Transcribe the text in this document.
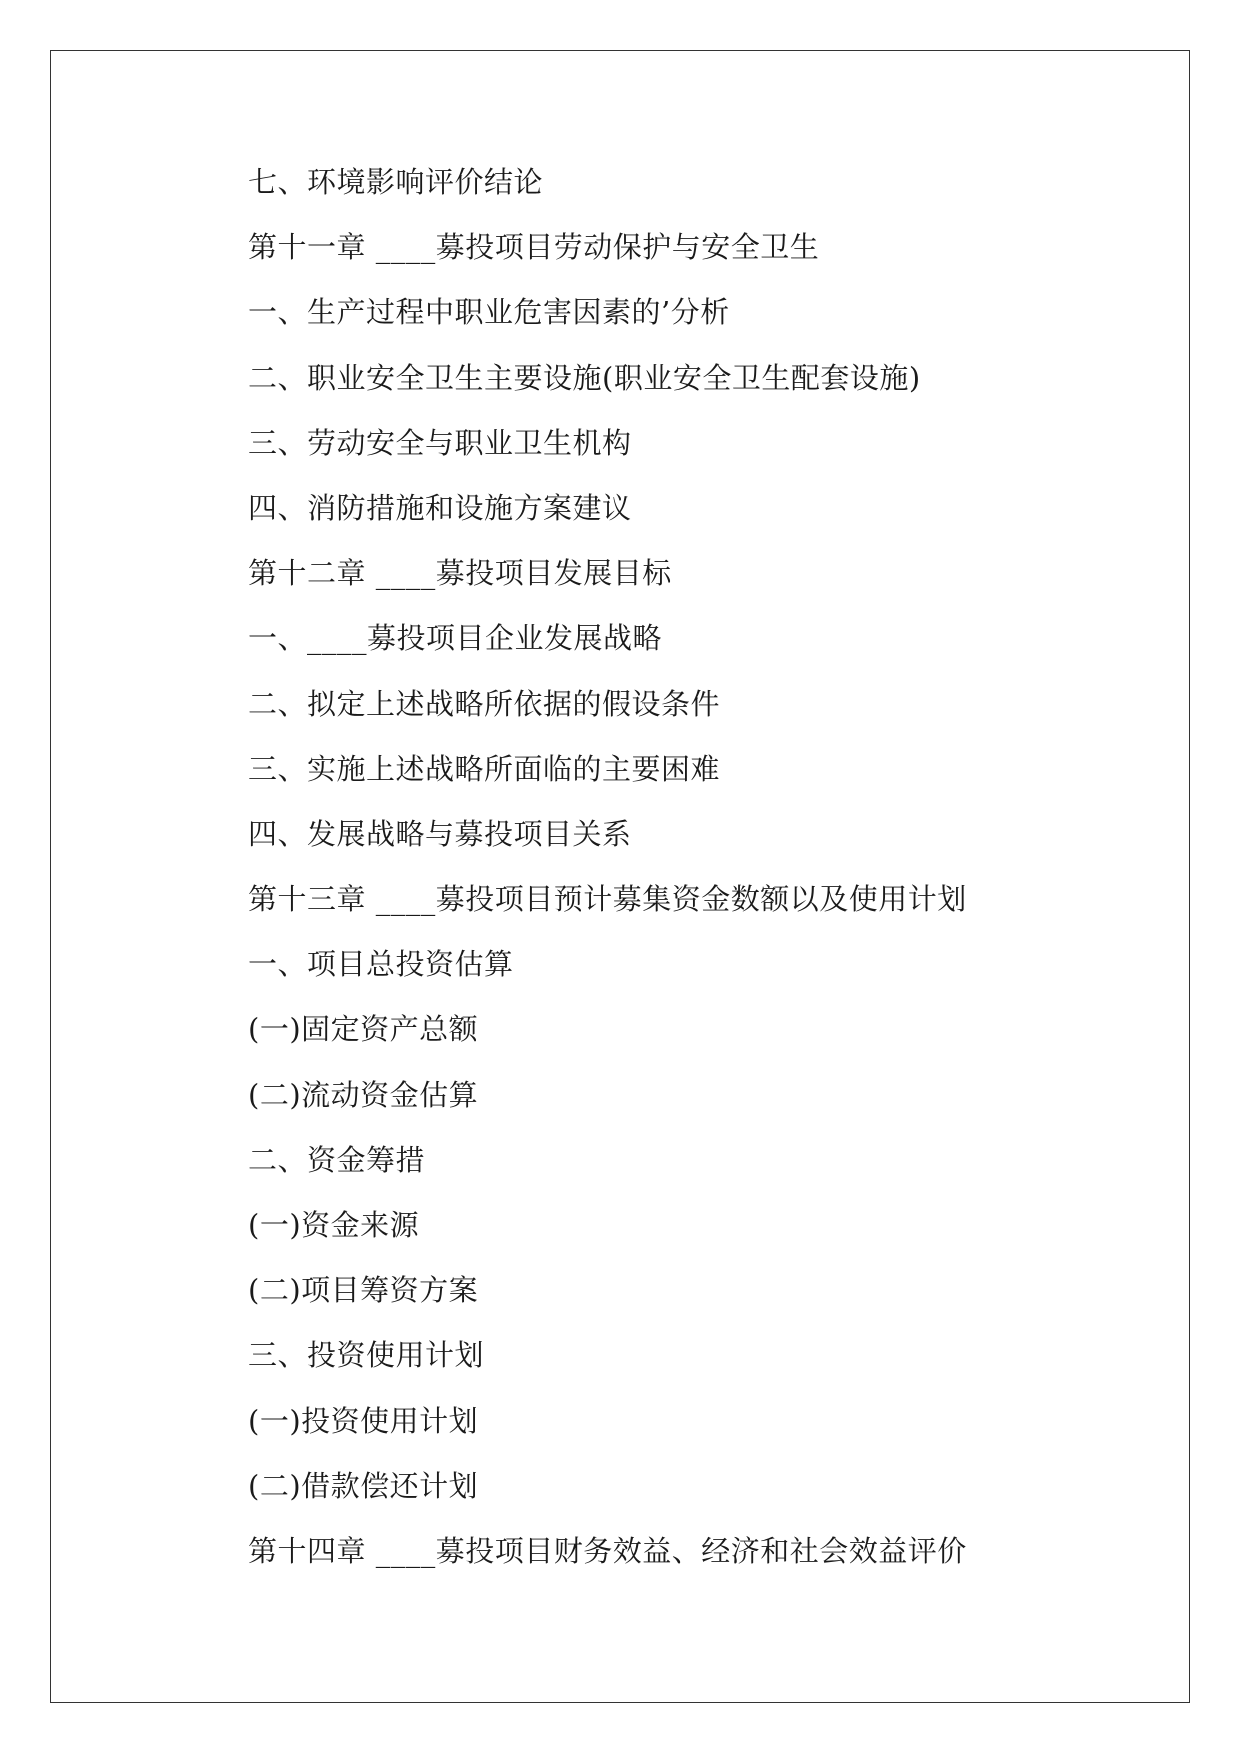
七、环境影响评价结论
第十一章 ____募投项目劳动保护与安全卫生
一、生产过程中职业危害因素的’分析
二、职业安全卫生主要设施(职业安全卫生配套设施)
三、劳动安全与职业卫生机构
四、消防措施和设施方案建议
第十二章 ____募投项目发展目标
一、____募投项目企业发展战略
二、拟定上述战略所依据的假设条件
三、实施上述战略所面临的主要困难
四、发展战略与募投项目关系
第十三章 ____募投项目预计募集资金数额以及使用计划
一、项目总投资估算
(一)固定资产总额
(二)流动资金估算
二、资金筹措
(一)资金来源
(二)项目筹资方案
三、投资使用计划
(一)投资使用计划
(二)借款偿还计划
第十四章 ____募投项目财务效益、经济和社会效益评价
